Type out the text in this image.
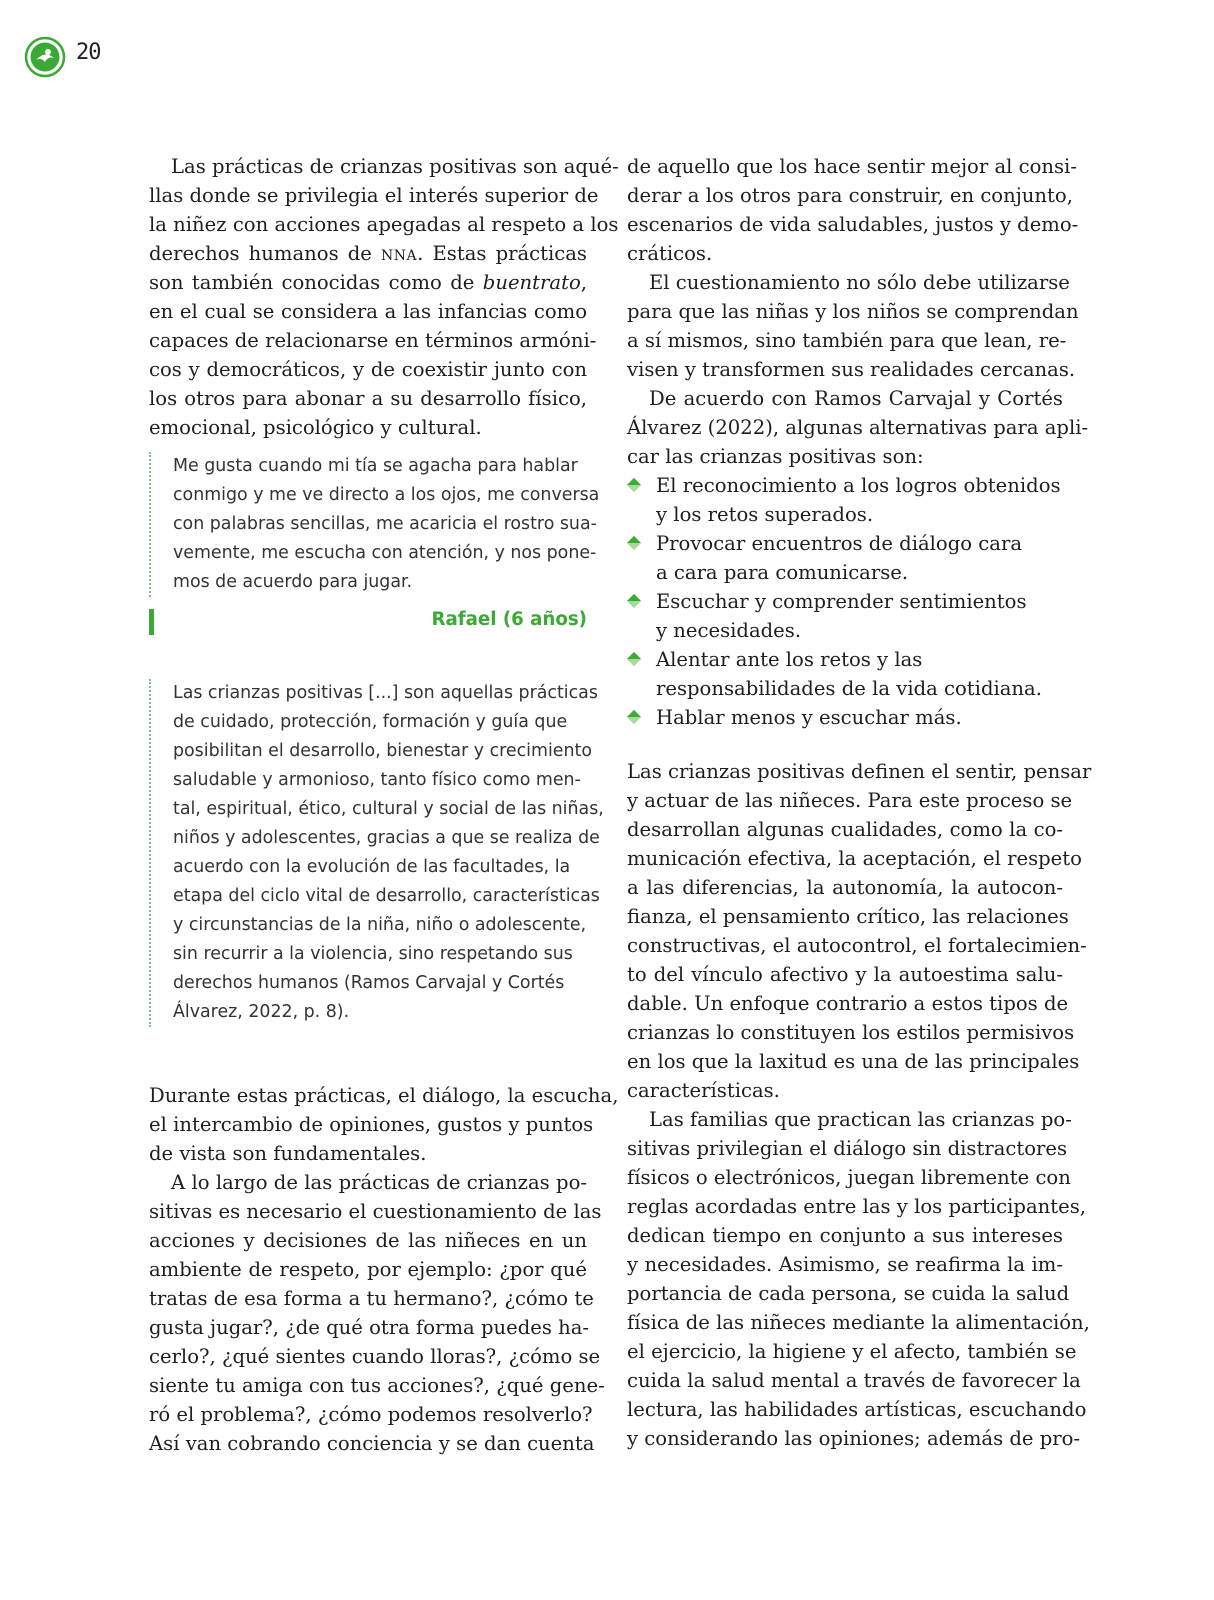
20
Las prácticas de crianzas positivas son aqué-
llas donde se privilegia el interés superior de
la niñez con acciones apegadas al respeto a los
derechos humanos de nna. Estas prácticas
son también conocidas como de buentrato,
en el cual se considera a las infancias como
capaces de relacionarse en términos armóni-
cos y democráticos, y de coexistir junto con
los otros para abonar a su desarrollo físico,
emocional, psicológico y cultural.
Me gusta cuando mi tía se agacha para hablar
conmigo y me ve directo a los ojos, me conversa
con palabras sencillas, me acaricia el rostro sua-
vemente, me escucha con atención, y nos pone-
mos de acuerdo para jugar.
Rafael (6 años)
Las crianzas positivas [...] son aquellas prácticas
de cuidado, protección, formación y guía que
posibilitan el desarrollo, bienestar y crecimiento
saludable y armonioso, tanto físico como men-
tal, espiritual, ético, cultural y social de las niñas,
niños y adolescentes, gracias a que se realiza de
acuerdo con la evolución de las facultades, la
etapa del ciclo vital de desarrollo, características
y circunstancias de la niña, niño o adolescente,
sin recurrir a la violencia, sino respetando sus
derechos humanos (Ramos Carvajal y Cortés
Álvarez, 2022, p. 8).
Durante estas prácticas, el diálogo, la escucha,
el intercambio de opiniones, gustos y puntos
de vista son fundamentales.
A lo largo de las prácticas de crianzas po-
sitivas es necesario el cuestionamiento de las
acciones y decisiones de las niñeces en un
ambiente de respeto, por ejemplo: ¿por qué
tratas de esa forma a tu hermano?, ¿cómo te
gusta jugar?, ¿de qué otra forma puedes ha-
cerlo?, ¿qué sientes cuando lloras?, ¿cómo se
siente tu amiga con tus acciones?, ¿qué gene-
ró el problema?, ¿cómo podemos resolverlo?
Así van cobrando conciencia y se dan cuenta
de aquello que los hace sentir mejor al consi-
derar a los otros para construir, en conjunto,
escenarios de vida saludables, justos y demo-
cráticos.
El cuestionamiento no sólo debe utilizarse
para que las niñas y los niños se comprendan
a sí mismos, sino también para que lean, re-
visen y transformen sus realidades cercanas.
De acuerdo con Ramos Carvajal y Cortés
Álvarez (2022), algunas alternativas para apli-
car las crianzas positivas son:
El reconocimiento a los logros obtenidos
y los retos superados.
Provocar encuentros de diálogo cara
a cara para comunicarse.
Escuchar y comprender sentimientos
y necesidades.
Alentar ante los retos y las
responsabilidades de la vida cotidiana.
Hablar menos y escuchar más.
Las crianzas positivas definen el sentir, pensar
y actuar de las niñeces. Para este proceso se
desarrollan algunas cualidades, como la co-
municación efectiva, la aceptación, el respeto
a las diferencias, la autonomía, la autocon-
fianza, el pensamiento crítico, las relaciones
constructivas, el autocontrol, el fortalecimien-
to del vínculo afectivo y la autoestima salu-
dable. Un enfoque contrario a estos tipos de
crianzas lo constituyen los estilos permisivos
en los que la laxitud es una de las principales
características.
Las familias que practican las crianzas po-
sitivas privilegian el diálogo sin distractores
físicos o electrónicos, juegan libremente con
reglas acordadas entre las y los participantes,
dedican tiempo en conjunto a sus intereses
y necesidades. Asimismo, se reafirma la im-
portancia de cada persona, se cuida la salud
física de las niñeces mediante la alimentación,
el ejercicio, la higiene y el afecto, también se
cuida la salud mental a través de favorecer la
lectura, las habilidades artísticas, escuchando
y considerando las opiniones; además de pro-
